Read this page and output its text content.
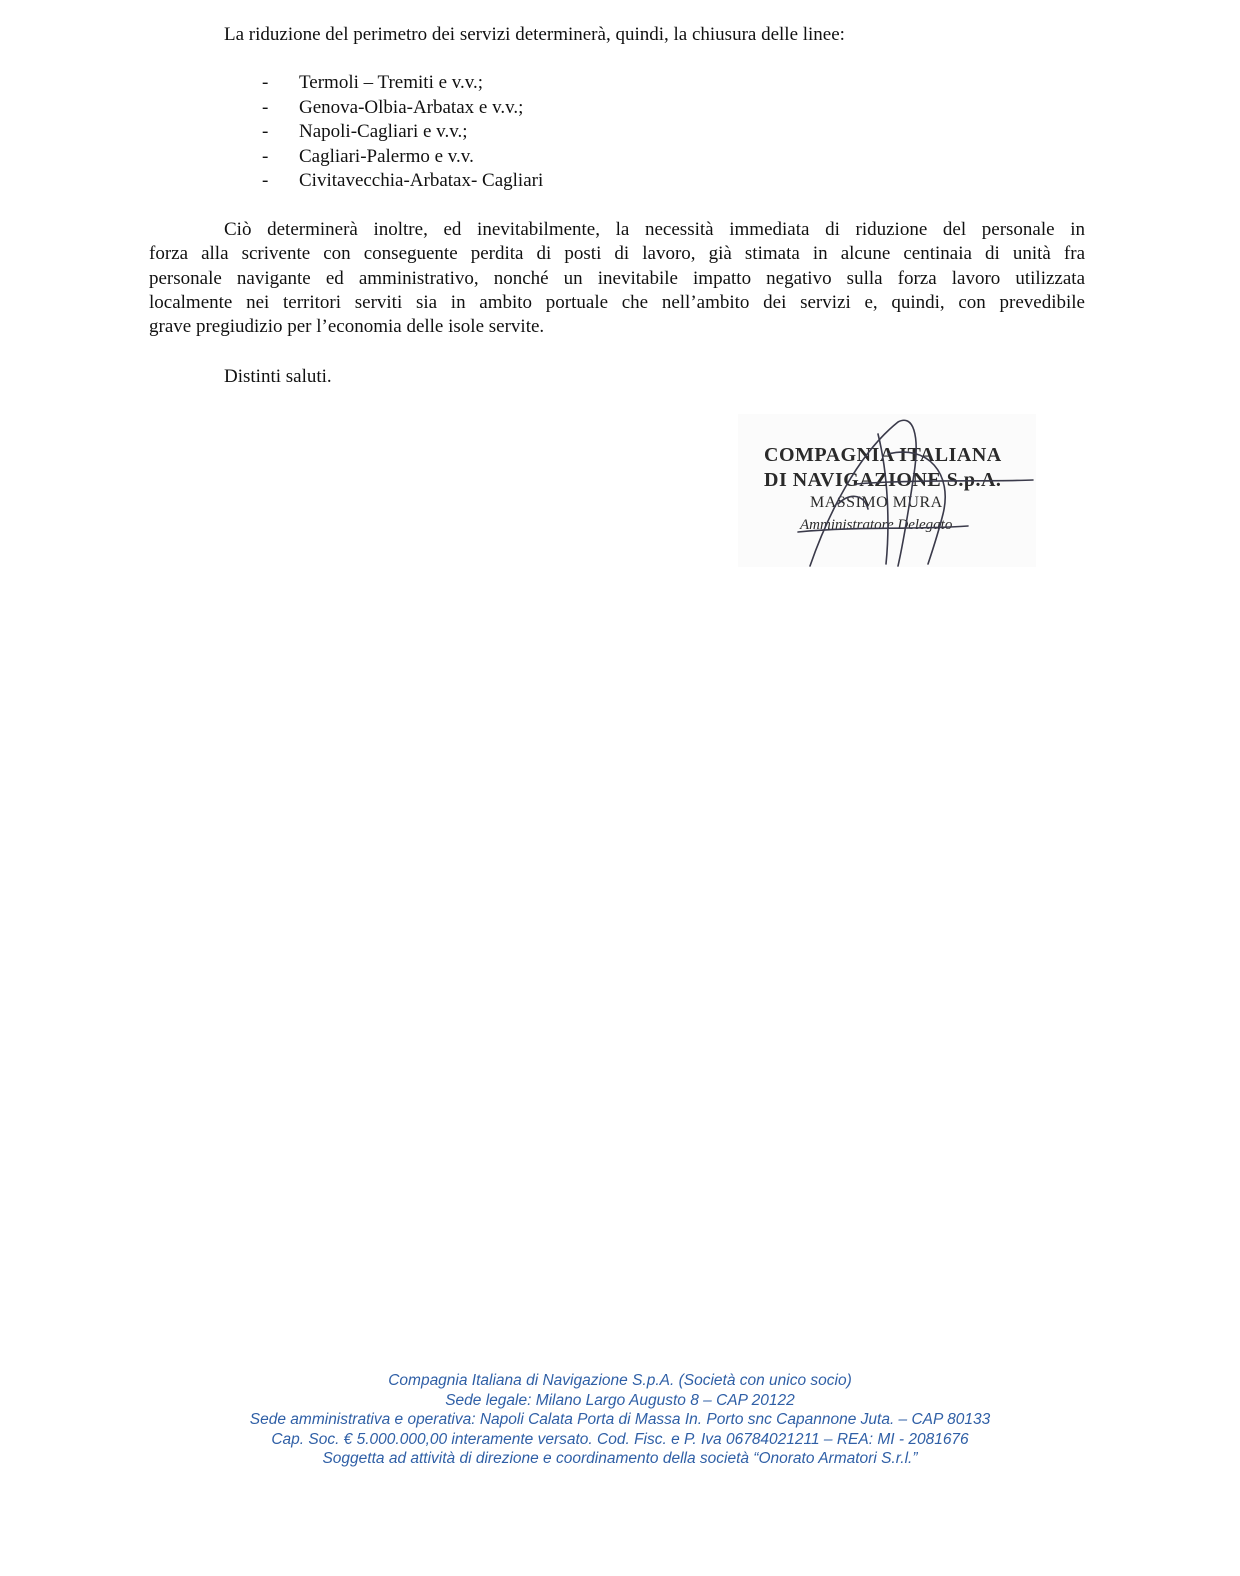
La riduzione del perimetro dei servizi determinerà, quindi, la chiusura delle linee:
- Termoli – Tremiti e v.v.;
- Genova-Olbia-Arbatax e v.v.;
- Napoli-Cagliari e v.v.;
- Cagliari-Palermo e v.v.
- Civitavecchia-Arbatax- Cagliari

Ciò determinerà inoltre, ed inevitabilmente, la necessità immediata di riduzione del personale in
forza alla scrivente con conseguente perdita di posti di lavoro, già stimata in alcune centinaia di unità fra
personale navigante ed amministrativo, nonché un inevitabile impatto negativo sulla forza lavoro utilizzata
localmente nei territori serviti sia in ambito portuale che nell’ambito dei servizi e, quindi, con prevedibile
grave pregiudizio per l’economia delle isole servite.

Distinti saluti.
COMPAGNIA ITALIANA
DI NAVIGAZIONE S.p.A.
MASSIMO MURA
Amministratore Delegato
Compagnia Italiana di Navigazione S.p.A. (Società con unico socio)
Sede legale: Milano Largo Augusto 8 – CAP 20122
Sede amministrativa e operativa: Napoli Calata Porta di Massa In. Porto snc Capannone Juta. – CAP 80133
Cap. Soc. € 5.000.000,00 interamente versato. Cod. Fisc. e P. Iva 06784021211 – REA: MI - 2081676
Soggetta ad attività di direzione e coordinamento della società “Onorato Armatori S.r.l.”
